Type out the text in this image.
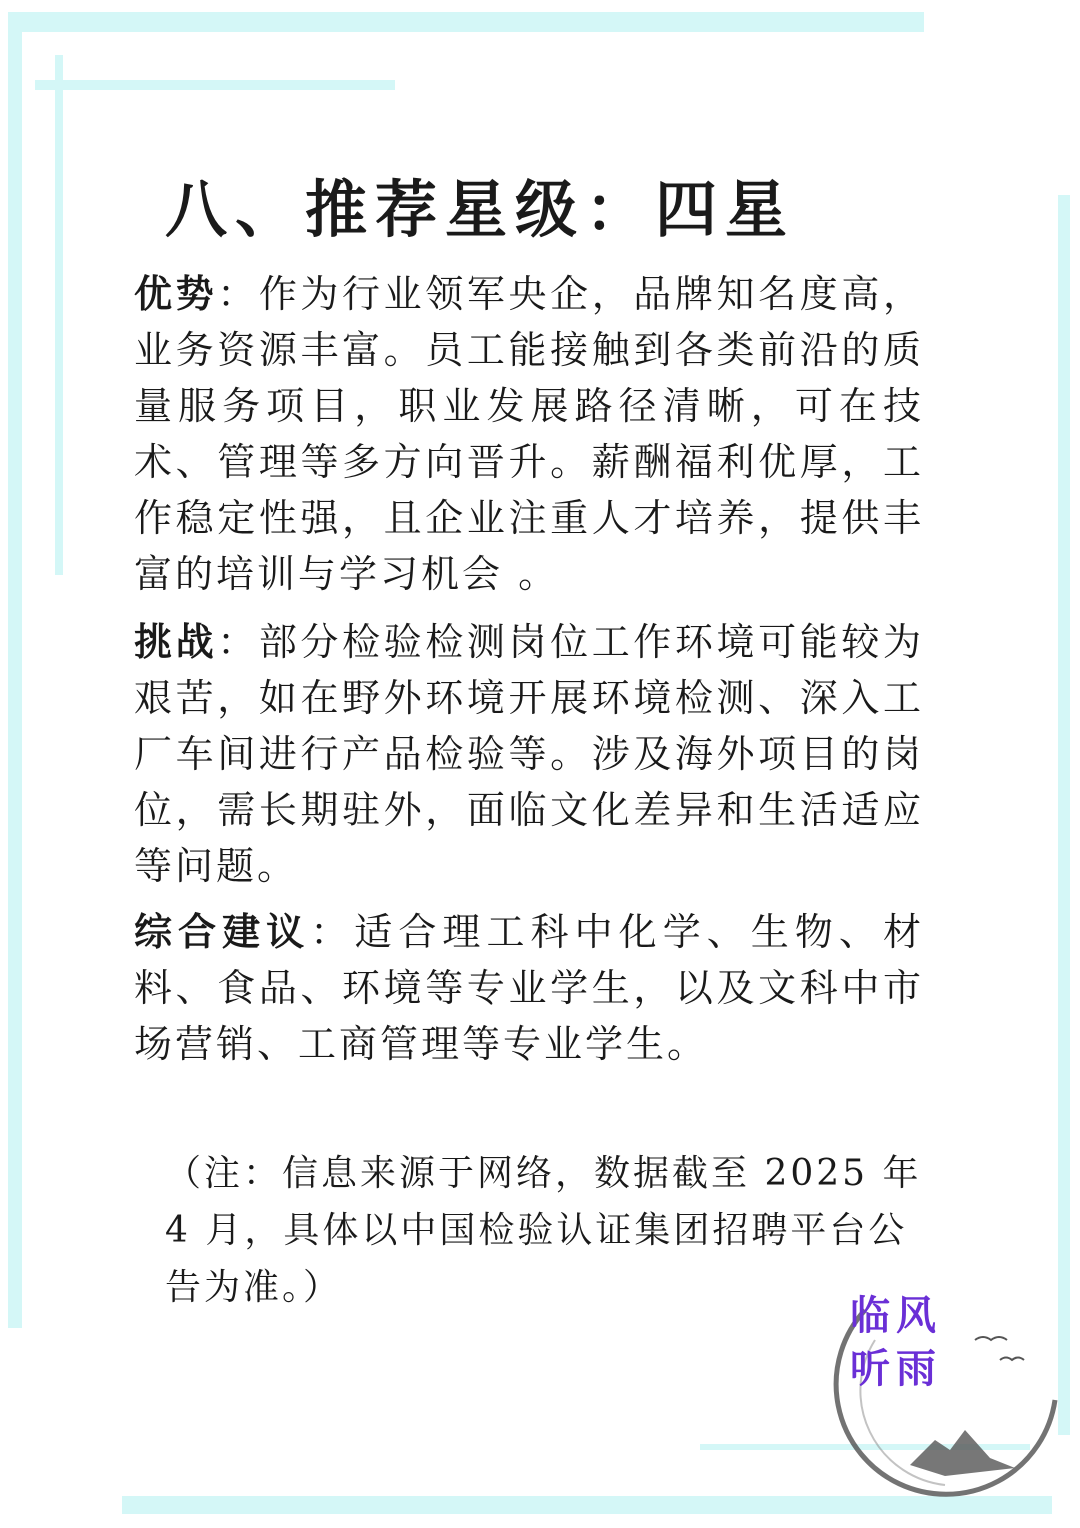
八、推荐星级：四星
优势：作为行业领军央企，品牌知名度高，业务资源丰富。员工能接触到各类前沿的质量服务项目，职业发展路径清晰，可在技术、管理等多方向晋升。薪酬福利优厚，工作稳定性强，且企业注重人才培养，提供丰富的培训与学习机会 。
挑战：部分检验检测岗位工作环境可能较为艰苦，如在野外环境开展环境检测、深入工厂车间进行产品检验等。涉及海外项目的岗位，需长期驻外，面临文化差异和生活适应等问题。
综合建议：适合理工科中化学、生物、材料、食品、环境等专业学生，以及文科中市场营销、工商管理等专业学生。
（注：信息来源于网络，数据截至 2025 年 4 月，具体以中国检验认证集团招聘平台公告为准。）
临风
听雨
